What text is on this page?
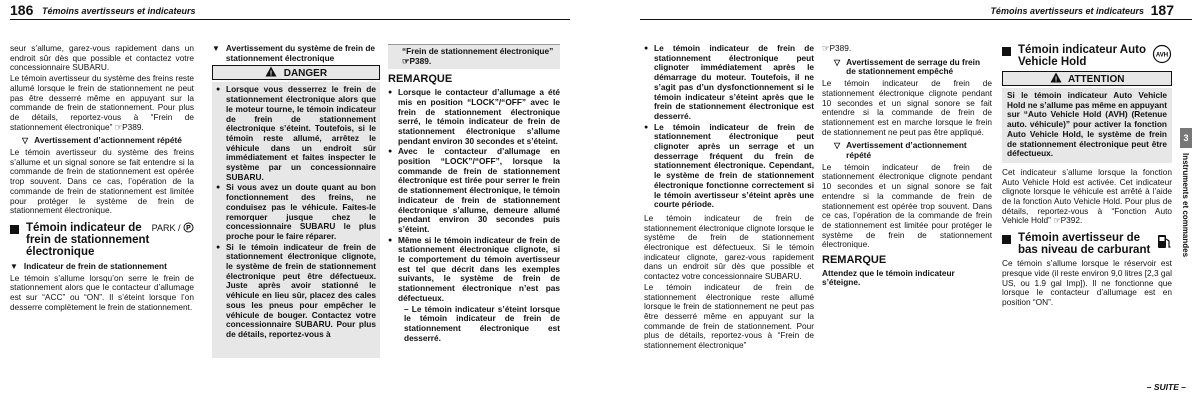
186 Témoins avertisseurs et indicateurs

seur s’allume, garez-vous rapidement dans un endroit sûr dès que possible et contactez votre concessionnaire SUBARU.

Le témoin avertisseur du système des freins reste allumé lorsque le frein de stationnement ne peut pas être desserré même en appuyant sur la commande de frein de stationnement. Pour plus de détails, reportez-vous à “Frein de stationnement électronique” ☞P389.

▽ Avertissement d’actionnement répété

Le témoin avertisseur du système des freins s’allume et un signal sonore se fait entendre si la commande de frein de stationnement est opérée trop souvent. Dans ce cas, l’opération de la commande de frein de stationnement est limitée pour protéger le système de frein de stationnement électronique.

Témoin indicateur de frein de stationnement électronique
PARK / P
▼ Indicateur de frein de stationnement

Le témoin s’allume lorsqu’on serre le frein de stationnement alors que le contacteur d’allumage est sur “ACC” ou “ON”. Il s’éteint lorsque l’on desserre complètement le frein de stationnement.

▼ Avertissement du système de frein de stationnement électronique
! DANGER
● Lorsque vous desserrez le frein de stationnement électronique alors que le moteur tourne, le témoin indicateur de frein de stationnement électronique s’éteint. Toutefois, si le témoin reste allumé, arrêtez le véhicule dans un endroit sûr immédiatement et faites inspecter le système par un concessionnaire SUBARU.
● Si vous avez un doute quant au bon fonctionnement des freins, ne conduisez pas le véhicule. Faites-le remorquer jusque chez le concessionnaire SUBARU le plus proche pour le faire réparer.
● Si le témoin indicateur de frein de stationnement électronique clignote, le système de frein de stationnement électronique peut être défectueux. Juste après avoir stationné le véhicule en lieu sûr, placez des cales sous les pneus pour empêcher le véhicule de bouger. Contactez votre concessionnaire SUBARU. Pour plus de détails, reportez-vous à
“Frein de stationnement électronique” ☞P389.
REMARQUE
● Lorsque le contacteur d’allumage a été mis en position “LOCK”/“OFF” avec le frein de stationnement électronique serré, le témoin indicateur de frein de stationnement électronique s’allume pendant environ 30 secondes et s’éteint.
● Avec le contacteur d’allumage en position “LOCK”/“OFF”, lorsque la commande de frein de stationnement électronique est tirée pour serrer le frein de stationnement électronique, le témoin indicateur de frein de stationnement électronique s’allume, demeure allumé pendant environ 30 secondes puis s’éteint.
● Même si le témoin indicateur de frein de stationnement électronique clignote, si le comportement du témoin avertisseur est tel que décrit dans les exemples suivants, le système de frein de stationnement électronique n’est pas défectueux.

– Le témoin indicateur s’éteint lorsque le témoin indicateur de frein de stationnement électronique est desserré.

Témoins avertisseurs et indicateurs 187
● Le témoin indicateur de frein de stationnement électronique peut clignoter immédiatement après le démarrage du moteur. Toutefois, il ne s’agit pas d’un dysfonctionnement si le témoin indicateur s’éteint après que le frein de stationnement électronique est desserré.
● Le témoin indicateur de frein de stationnement électronique peut clignoter après un serrage et un desserrage fréquent du frein de stationnement électronique. Cependant, le système de frein de stationnement électronique fonctionne correctement si le témoin avertisseur s’éteint après une courte période.

Le témoin indicateur de frein de stationnement électronique clignote lorsque le système de frein de stationnement électronique est défectueux. Si le témoin indicateur clignote, garez-vous rapidement dans un endroit sûr dès que possible et contactez votre concessionnaire SUBARU.

Le témoin indicateur de frein de stationnement électronique reste allumé lorsque le frein de stationnement ne peut pas être desserré même en appuyant sur la commande de frein de stationnement. Pour plus de détails, reportez-vous à “Frein de stationnement électronique”

☞P389.

▽ Avertissement de serrage du frein de stationnement empêché

Le témoin indicateur de frein de stationnement électronique clignote pendant 10 secondes et un signal sonore se fait entendre si la commande de frein de stationnement est en marche lorsque le frein de stationnement ne peut pas être appliqué.

▽ Avertissement d’actionnement répété

Le témoin indicateur de frein de stationnement électronique clignote pendant 10 secondes et un signal sonore se fait entendre si la commande de frein de stationnement est opérée trop souvent. Dans ce cas, l’opération de la commande de frein de stationnement est limitée pour protéger le système de frein de stationnement électronique.

REMARQUE

Attendez que le témoin indicateur s’éteigne.

Témoin indicateur Auto Vehicle Hold
AVH
! ATTENTION
Si le témoin indicateur Auto Vehicle Hold ne s’allume pas même en appuyant sur “Auto Vehicle Hold (AVH) (Retenue auto. véhicule)” pour activer la fonction Auto Vehicle Hold, le système de frein de stationnement électronique peut être défectueux.

Cet indicateur s’allume lorsque la fonction Auto Vehicle Hold est activée. Cet indicateur clignote lorsque le véhicule est arrêté à l’aide de la fonction Auto Vehicle Hold. Pour plus de détails, reportez-vous à “Fonction Auto Vehicle Hold” ☞P392.

Témoin avertisseur de bas niveau de carburant

Ce témoin s’allume lorsque le réservoir est presque vide (il reste environ 9,0 litres [2,3 gal US, ou 1.9 gal Imp]). Il ne fonctionne que lorsque le contacteur d’allumage est en position “ON”.

3
Instruments et commandes
– SUITE –
